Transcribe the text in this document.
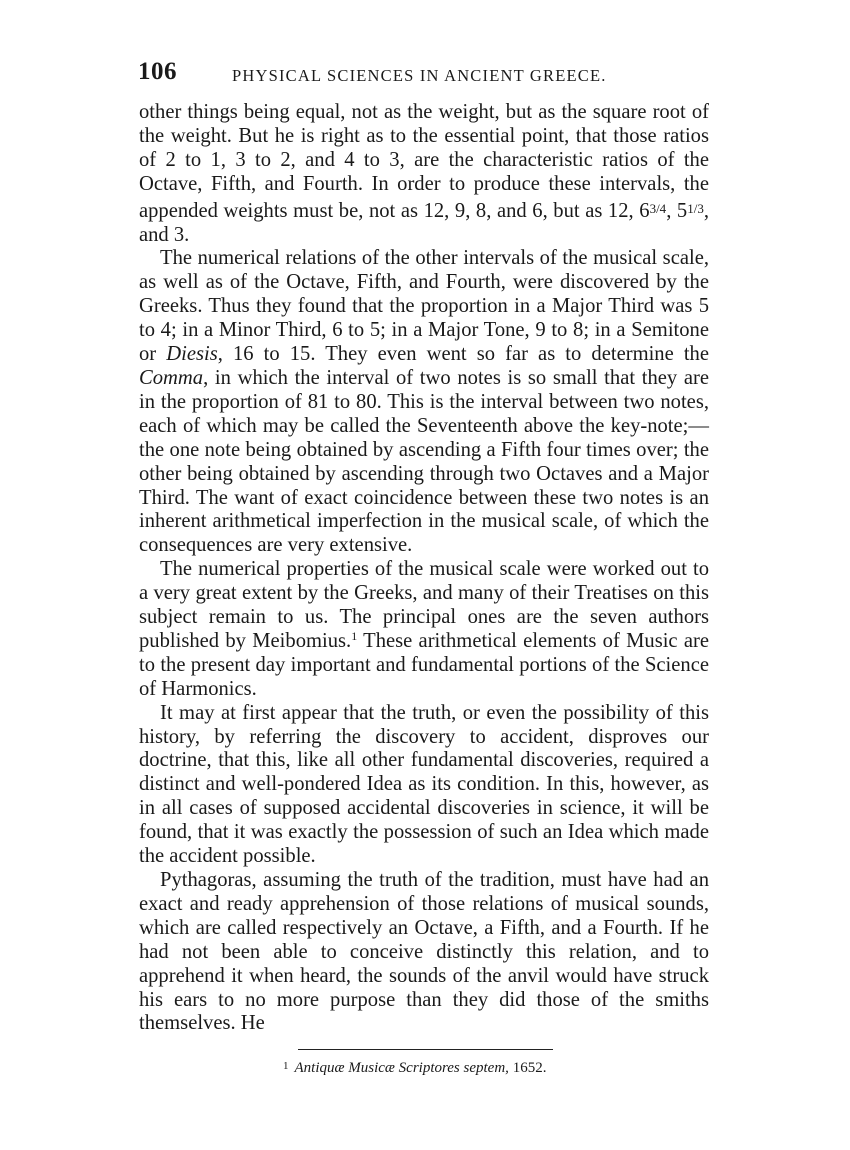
106	PHYSICAL SCIENCES IN ANCIENT GREECE.

other things being equal, not as the weight, but as the square root of the weight. But he is right as to the essential point, that those ratios of 2 to 1, 3 to 2, and 4 to 3, are the characteristic ratios of the Octave, Fifth, and Fourth. In order to produce these intervals, the appended weights must be, not as 12, 9, 8, and 6, but as 12, $6^{3/4}$, $5^{1/3}$, and 3.

The numerical relations of the other intervals of the musical scale, as well as of the Octave, Fifth, and Fourth, were discovered by the Greeks. Thus they found that the proportion in a Major Third was 5 to 4; in a Minor Third, 6 to 5; in a Major Tone, 9 to 8; in a Semitone or Diesis, 16 to 15. They even went so far as to determine the Comma, in which the interval of two notes is so small that they are in the proportion of 81 to 80. This is the interval between two notes, each of which may be called the Seventeenth above the key-note;—the one note being obtained by ascending a Fifth four times over; the other being obtained by ascending through two Octaves and a Major Third. The want of exact coincidence between these two notes is an inherent arithmetical imperfection in the musical scale, of which the consequences are very extensive.

The numerical properties of the musical scale were worked out to a very great extent by the Greeks, and many of their Treatises on this subject remain to us. The principal ones are the seven authors published by Meibomius.$^1$ These arithmetical elements of Music are to the present day important and fundamental portions of the Science of Harmonics.

It may at first appear that the truth, or even the possibility of this history, by referring the discovery to accident, disproves our doctrine, that this, like all other fundamental discoveries, required a distinct and well-pondered Idea as its condition. In this, however, as in all cases of supposed accidental discoveries in science, it will be found, that it was exactly the possession of such an Idea which made the accident possible.

Pythagoras, assuming the truth of the tradition, must have had an exact and ready apprehension of those relations of musical sounds, which are called respectively an Octave, a Fifth, and a Fourth. If he had not been able to conceive distinctly this relation, and to apprehend it when heard, the sounds of the anvil would have struck his ears to no more purpose than they did those of the smiths themselves. He

$^1$ Antiquæ Musicæ Scriptores septem, 1652.
